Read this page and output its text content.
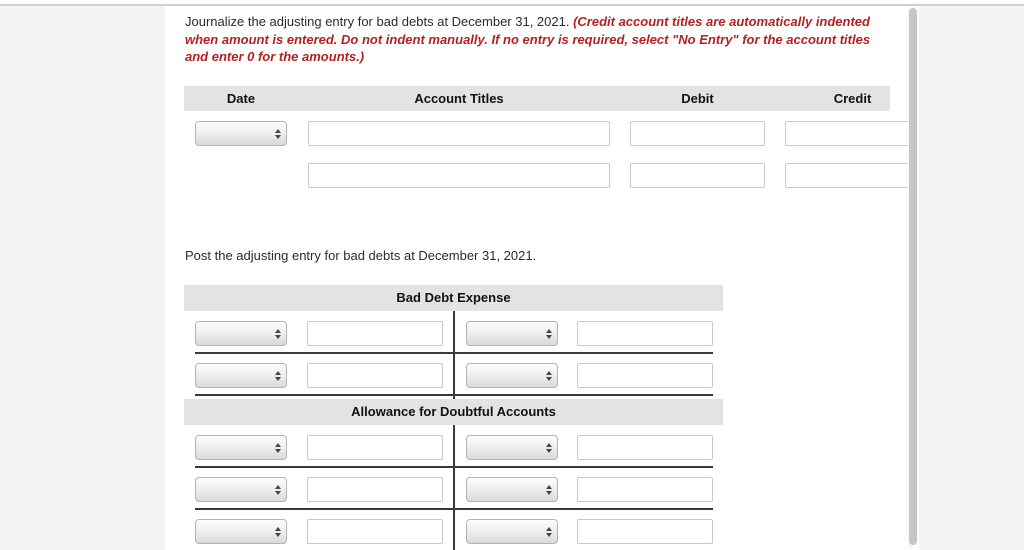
Journalize the adjusting entry for bad debts at December 31, 2021. (Credit account titles are automatically indented when amount is entered. Do not indent manually. If no entry is required, select "No Entry" for the account titles and enter 0 for the amounts.)

Date	Account Titles	Debit	Credit

Post the adjusting entry for bad debts at December 31, 2021.

Bad Debt Expense
Allowance for Doubtful Accounts
